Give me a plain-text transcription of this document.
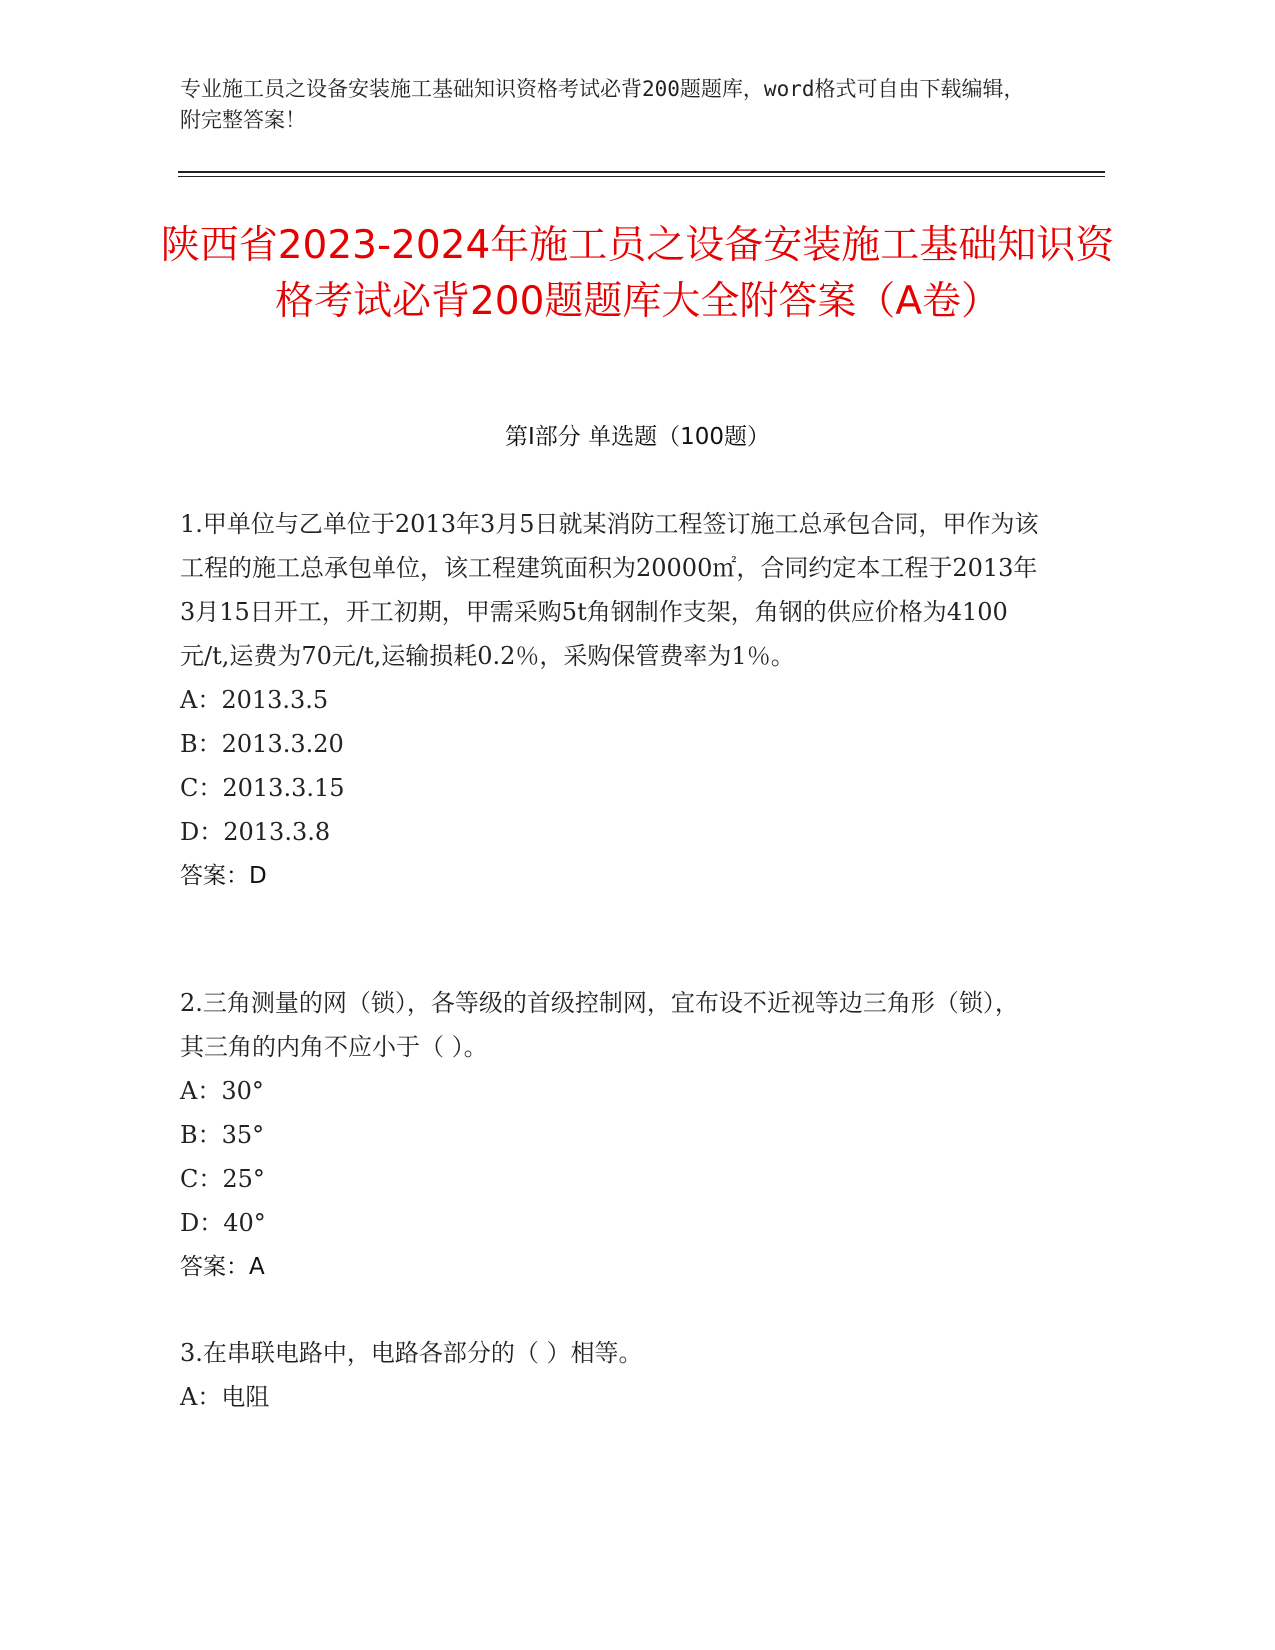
专业施工员之设备安装施工基础知识资格考试必背200题题库，word格式可自由下载编辑，附完整答案！
陕西省2023-2024年施工员之设备安装施工基础知识资格考试必背200题题库大全附答案（A卷）
第Ⅰ部分 单选题（100题）
1.甲单位与乙单位于2013年3月5日就某消防工程签订施工总承包合同，甲作为该工程的施工总承包单位，该工程建筑面积为20000㎡，合同约定本工程于2013年3月15日开工，开工初期，甲需采购5t角钢制作支架，角钢的供应价格为4100元/t,运费为70元/t,运输损耗0.2％，采购保管费率为1％。
A：2013.3.5
B：2013.3.20
C：2013.3.15
D：2013.3.8
答案：D
2.三角测量的网（锁），各等级的首级控制网，宜布设不近视等边三角形（锁），其三角的内角不应小于（ ）。
A：30°
B：35°
C：25°
D：40°
答案：A
3.在串联电路中，电路各部分的（ ）相等。
A：电阻
